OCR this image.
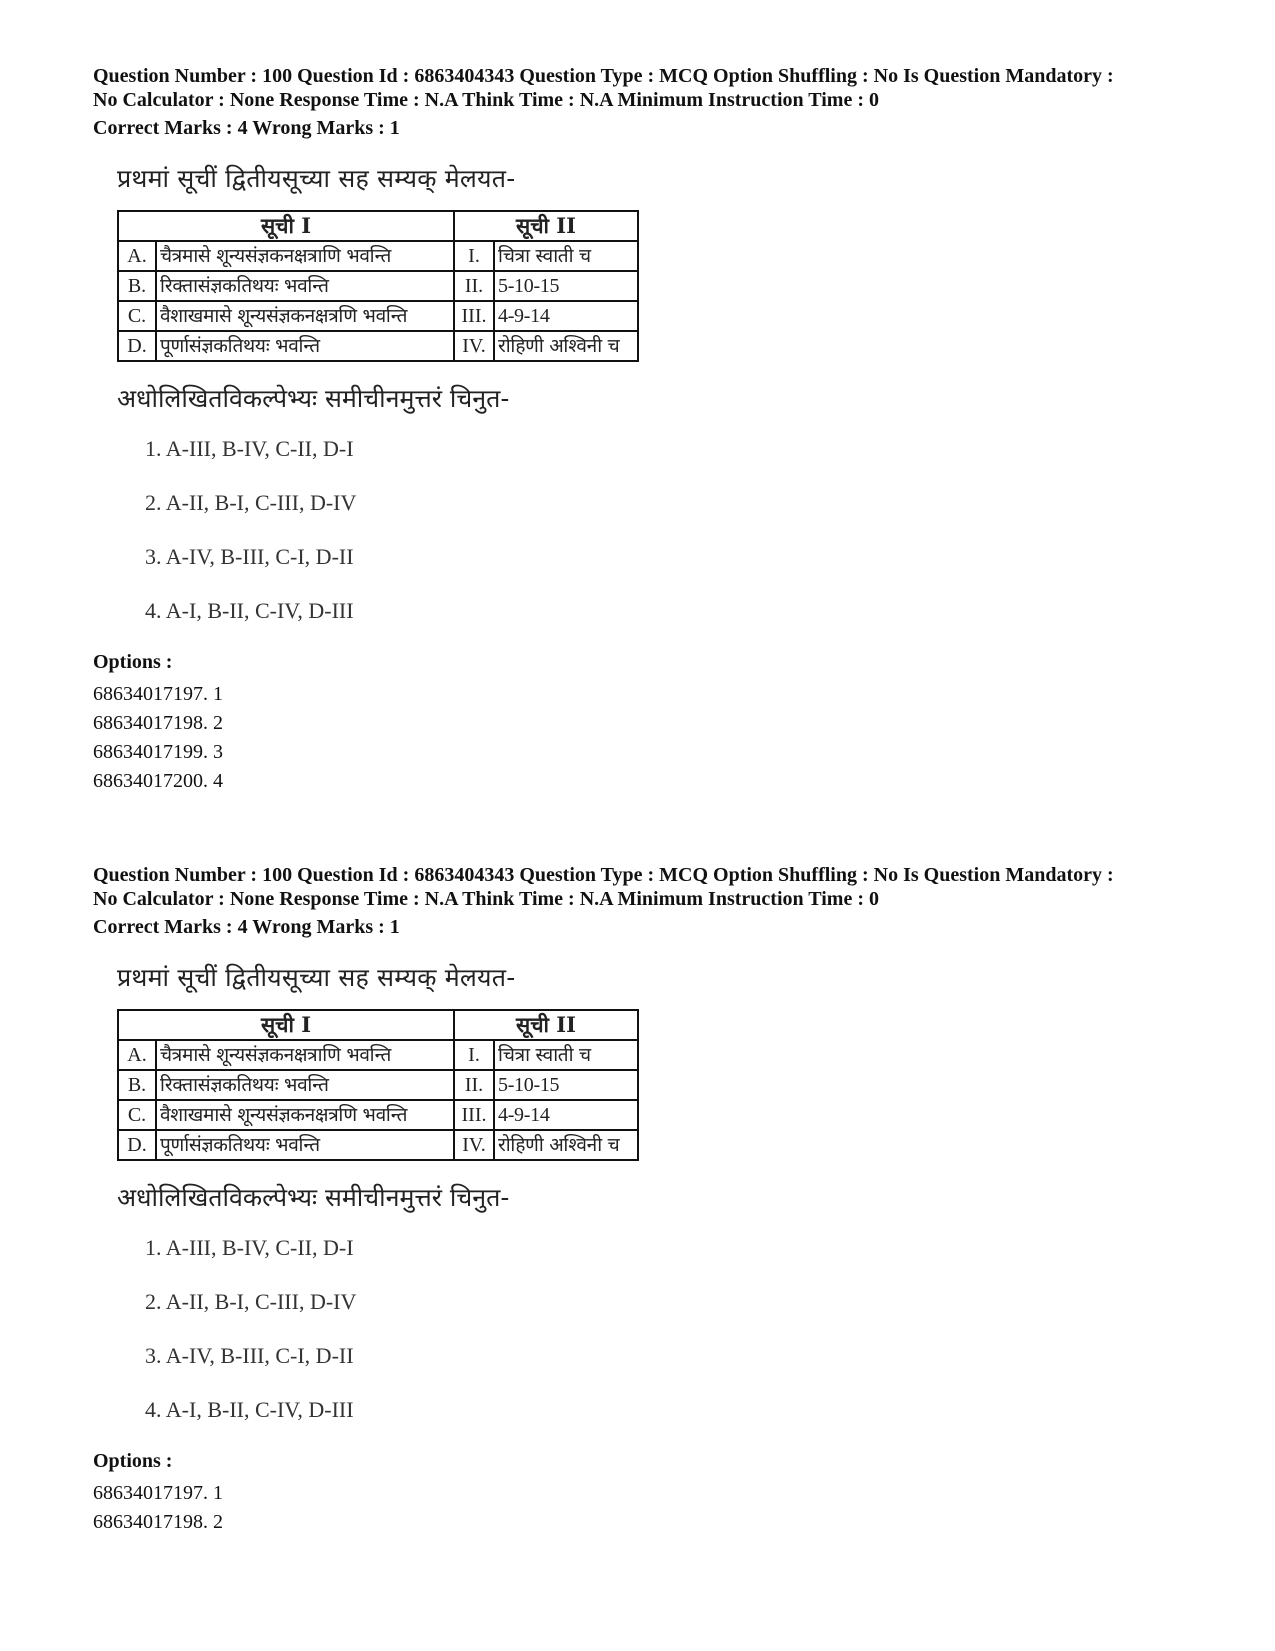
Question Number : 100 Question Id : 6863404343 Question Type : MCQ Option Shuffling : No Is Question Mandatory :
No Calculator : None Response Time : N.A Think Time : N.A Minimum Instruction Time : 0

Correct Marks : 4 Wrong Marks : 1

प्रथमां सूचीं द्वितीयसूच्या सह सम्यक् मेलयत-

सूची I		सूची II	
A.	चैत्रमासे शून्यसंज्ञकनक्षत्राणि भवन्ति	I.	चित्रा स्वाती च
B.	रिक्तासंज्ञकतिथयः भवन्ति	II.	5-10-15
C.	वैशाखमासे शून्यसंज्ञकनक्षत्रणि भवन्ति	III.	4-9-14
D.	पूर्णासंज्ञकतिथयः भवन्ति	IV.	रोहिणी अश्विनी च

अधोलिखितविकल्पेभ्यः समीचीनमुत्तरं चिनुत-

1. A-III, B-IV, C-II, D-I
2. A-II, B-I, C-III, D-IV
3. A-IV, B-III, C-I, D-II
4. A-I, B-II, C-IV, D-III

Options :

68634017197. 1
68634017198. 2
68634017199. 3
68634017200. 4

Question Number : 100 Question Id : 6863404343 Question Type : MCQ Option Shuffling : No Is Question Mandatory :
No Calculator : None Response Time : N.A Think Time : N.A Minimum Instruction Time : 0

Correct Marks : 4 Wrong Marks : 1

प्रथमां सूचीं द्वितीयसूच्या सह सम्यक् मेलयत-

सूची I		सूची II	
A.	चैत्रमासे शून्यसंज्ञकनक्षत्राणि भवन्ति	I.	चित्रा स्वाती च
B.	रिक्तासंज्ञकतिथयः भवन्ति	II.	5-10-15
C.	वैशाखमासे शून्यसंज्ञकनक्षत्रणि भवन्ति	III.	4-9-14
D.	पूर्णासंज्ञकतिथयः भवन्ति	IV.	रोहिणी अश्विनी च

अधोलिखितविकल्पेभ्यः समीचीनमुत्तरं चिनुत-

1. A-III, B-IV, C-II, D-I
2. A-II, B-I, C-III, D-IV
3. A-IV, B-III, C-I, D-II
4. A-I, B-II, C-IV, D-III

Options :

68634017197. 1
68634017198. 2
